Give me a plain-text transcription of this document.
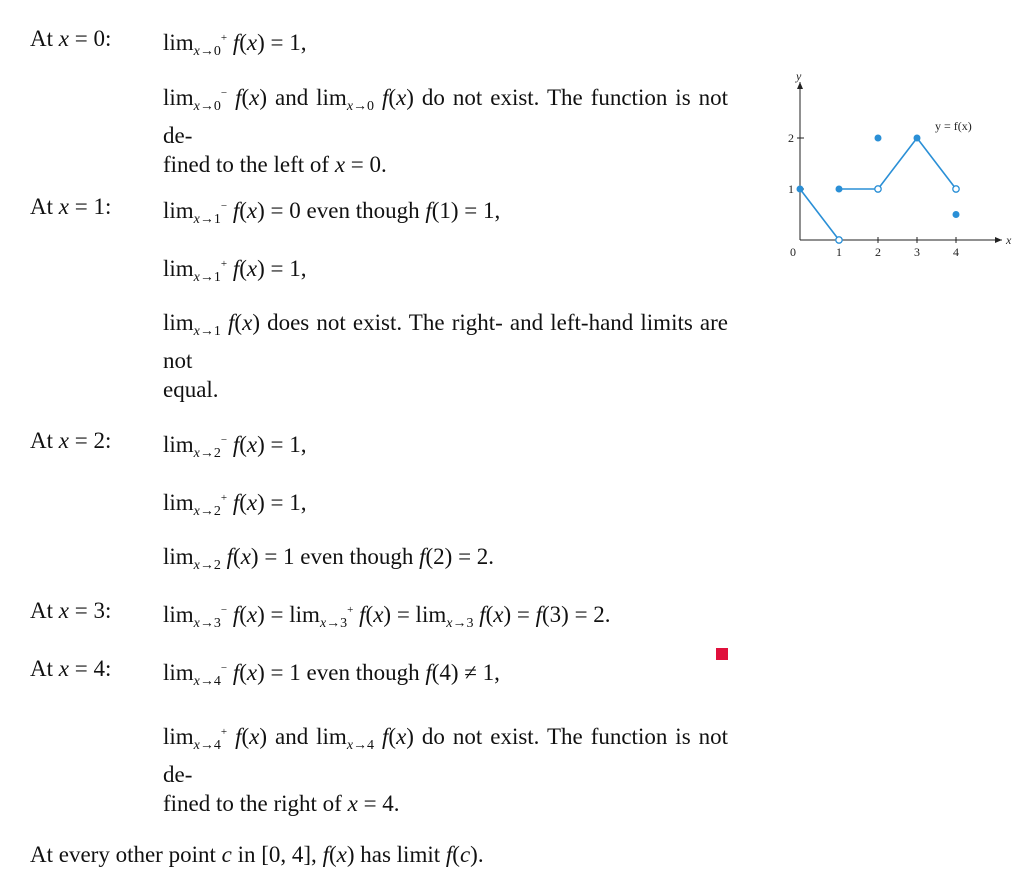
At x = 0:	$\lim_{x\to 0}^+ f(x) = 1$,
$\lim_{x\to 0}^- f(x)$ and $\lim_{x\to 0} f(x)$ do not exist. The function is not de-
fined to the left of x = 0.
At x = 1:	$\lim_{x\to 1}^- f(x) = 0$ even though f(1) = 1,
$\lim_{x\to 1}^+ f(x) = 1$,
$\lim_{x\to 1} f(x)$ does not exist. The right- and left-hand limits are not
equal.
At x = 2:	$\lim_{x\to 2}^- f(x) = 1$,
$\lim_{x\to 2}^+ f(x) = 1$,
$\lim_{x\to 2} f(x) = 1$ even though f(2) = 2.
At x = 3:	$\lim_{x\to 3}^- f(x) = \lim_{x\to 3}^+ f(x) = \lim_{x\to 3} f(x) = f(3) = 2$.
At x = 4:	$\lim_{x\to 4}^- f(x) = 1$ even though f(4) ≠ 1,
$\lim_{x\to 4}^+ f(x)$ and $\lim_{x\to 4} f(x)$ do not exist. The function is not de-
fined to the right of x = 4.
At every other point c in [0, 4], f(x) has limit f(c).
x
y
0	1	2	3	4
1
2
y = f(x)
